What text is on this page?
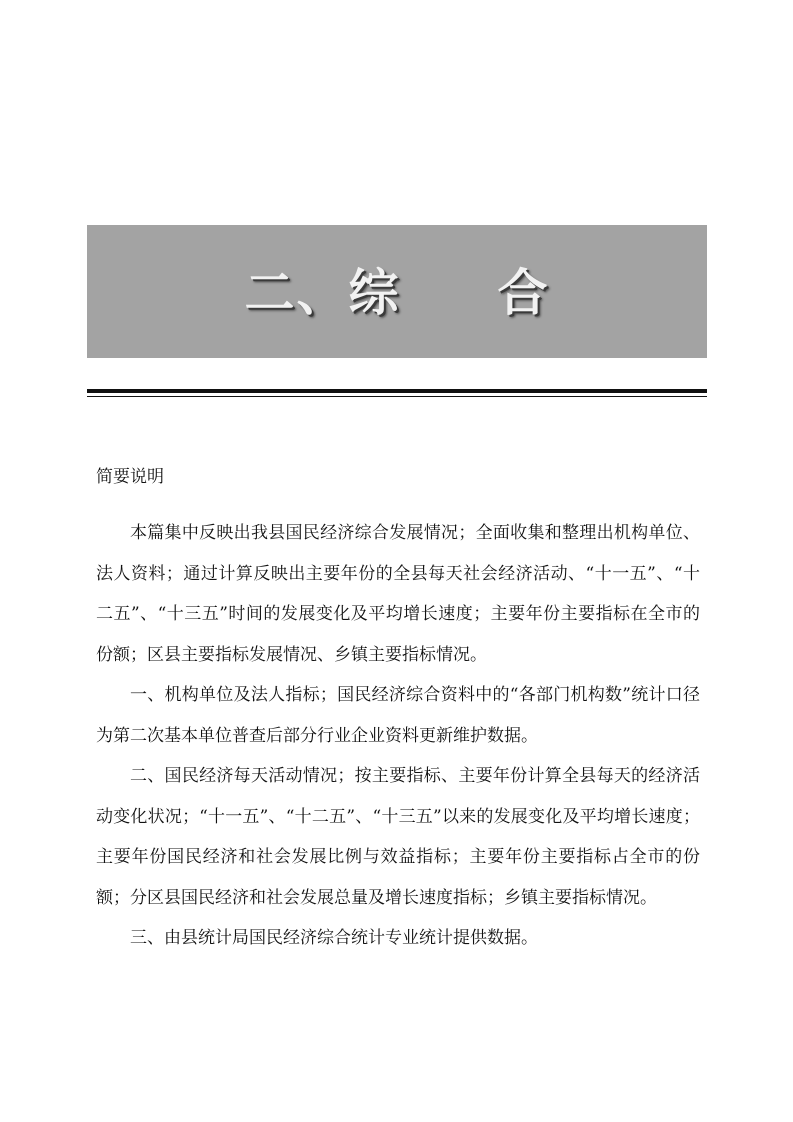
二、综     合
简要说明

本篇集中反映出我县国民经济综合发展情况；全面收集和整理出机构单位、法人资料；通过计算反映出主要年份的全县每天社会经济活动、“十一五”、“十二五”、“十三五”时间的发展变化及平均增长速度；主要年份主要指标在全市的份额；区县主要指标发展情况、乡镇主要指标情况。

一、机构单位及法人指标；国民经济综合资料中的“各部门机构数”统计口径为第二次基本单位普查后部分行业企业资料更新维护数据。

二、国民经济每天活动情况；按主要指标、主要年份计算全县每天的经济活动变化状况；“十一五”、“十二五”、“十三五”以来的发展变化及平均增长速度；主要年份国民经济和社会发展比例与效益指标；主要年份主要指标占全市的份额；分区县国民经济和社会发展总量及增长速度指标；乡镇主要指标情况。

三、由县统计局国民经济综合统计专业统计提供数据。
